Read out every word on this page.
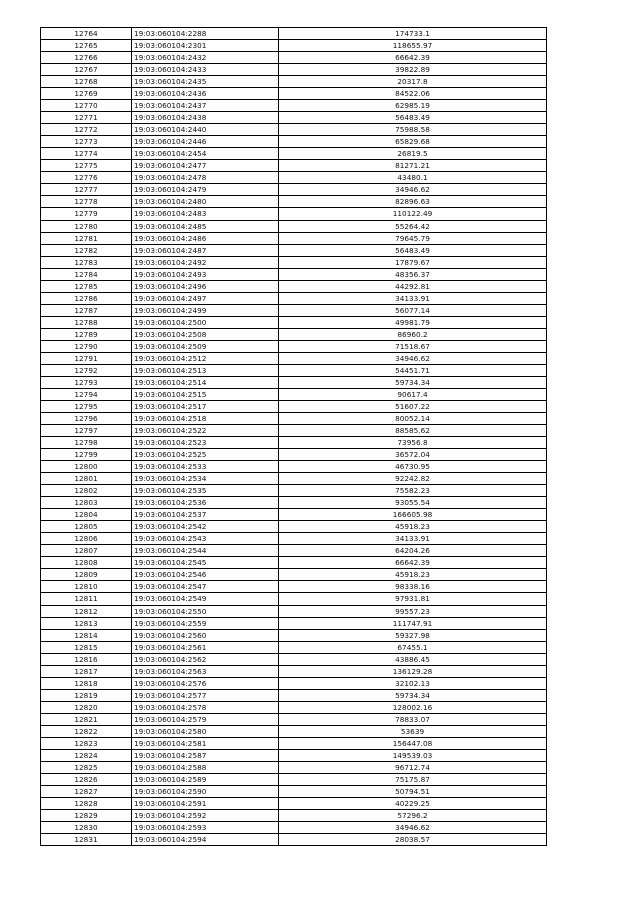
12764	19:03:060104:2288	174733.1
12765	19:03:060104:2301	118655.97
12766	19:03:060104:2432	66642.39
12767	19:03:060104:2433	39822.89
12768	19:03:060104:2435	20317.8
12769	19:03:060104:2436	84522.06
12770	19:03:060104:2437	62985.19
12771	19:03:060104:2438	56483.49
12772	19:03:060104:2440	75988.58
12773	19:03:060104:2446	65829.68
12774	19:03:060104:2454	26819.5
12775	19:03:060104:2477	81271.21
12776	19:03:060104:2478	43480.1
12777	19:03:060104:2479	34946.62
12778	19:03:060104:2480	82896.63
12779	19:03:060104:2483	110122.49
12780	19:03:060104:2485	55264.42
12781	19:03:060104:2486	79645.79
12782	19:03:060104:2487	56483.49
12783	19:03:060104:2492	17879.67
12784	19:03:060104:2493	48356.37
12785	19:03:060104:2496	44292.81
12786	19:03:060104:2497	34133.91
12787	19:03:060104:2499	56077.14
12788	19:03:060104:2500	49981.79
12789	19:03:060104:2508	86960.2
12790	19:03:060104:2509	71518.67
12791	19:03:060104:2512	34946.62
12792	19:03:060104:2513	54451.71
12793	19:03:060104:2514	59734.34
12794	19:03:060104:2515	90617.4
12795	19:03:060104:2517	51607.22
12796	19:03:060104:2518	80052.14
12797	19:03:060104:2522	88585.62
12798	19:03:060104:2523	73956.8
12799	19:03:060104:2525	36572.04
12800	19:03:060104:2533	46730.95
12801	19:03:060104:2534	92242.82
12802	19:03:060104:2535	75582.23
12803	19:03:060104:2536	93055.54
12804	19:03:060104:2537	166605.98
12805	19:03:060104:2542	45918.23
12806	19:03:060104:2543	34133.91
12807	19:03:060104:2544	64204.26
12808	19:03:060104:2545	66642.39
12809	19:03:060104:2546	45918.23
12810	19:03:060104:2547	98338.16
12811	19:03:060104:2549	97931.81
12812	19:03:060104:2550	99557.23
12813	19:03:060104:2559	111747.91
12814	19:03:060104:2560	59327.98
12815	19:03:060104:2561	67455.1
12816	19:03:060104:2562	43886.45
12817	19:03:060104:2563	136129.28
12818	19:03:060104:2576	32102.13
12819	19:03:060104:2577	59734.34
12820	19:03:060104:2578	128002.16
12821	19:03:060104:2579	78833.07
12822	19:03:060104:2580	53639
12823	19:03:060104:2581	156447.08
12824	19:03:060104:2587	149539.03
12825	19:03:060104:2588	96712.74
12826	19:03:060104:2589	75175.87
12827	19:03:060104:2590	50794.51
12828	19:03:060104:2591	40229.25
12829	19:03:060104:2592	57296.2
12830	19:03:060104:2593	34946.62
12831	19:03:060104:2594	28038.57
